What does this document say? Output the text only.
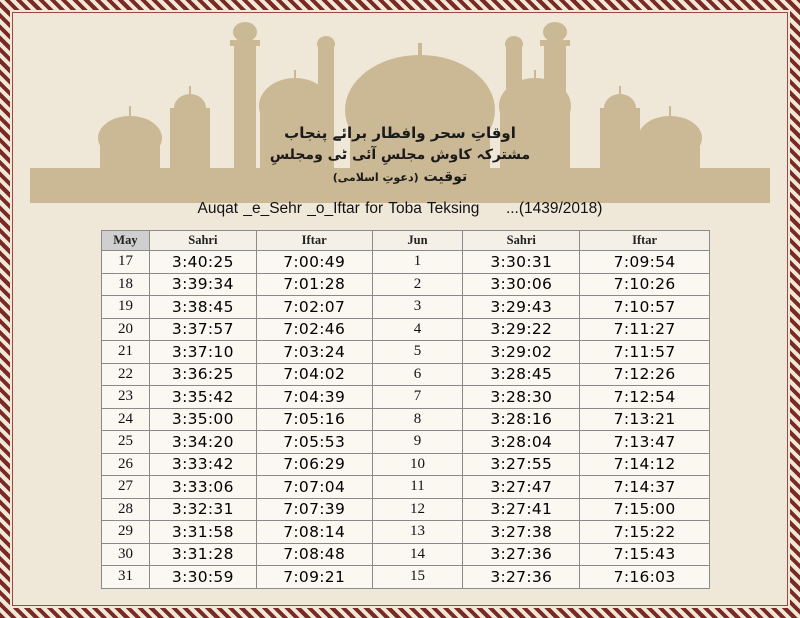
اوقاتِ سحر وافطار برائے پنجاب
مشترکہ کاوش مجلسِ آئی ٹی ومجلسِ توقیت (دعوتِ اسلامی)
Auqat _e_Sehr _o_Iftar for Toba Teksing     ...(1439/2018)
May	Sahri	Iftar	Jun	Sahri	Iftar
17	3:40:25	7:00:49	1	3:30:31	7:09:54
18	3:39:34	7:01:28	2	3:30:06	7:10:26
19	3:38:45	7:02:07	3	3:29:43	7:10:57
20	3:37:57	7:02:46	4	3:29:22	7:11:27
21	3:37:10	7:03:24	5	3:29:02	7:11:57
22	3:36:25	7:04:02	6	3:28:45	7:12:26
23	3:35:42	7:04:39	7	3:28:30	7:12:54
24	3:35:00	7:05:16	8	3:28:16	7:13:21
25	3:34:20	7:05:53	9	3:28:04	7:13:47
26	3:33:42	7:06:29	10	3:27:55	7:14:12
27	3:33:06	7:07:04	11	3:27:47	7:14:37
28	3:32:31	7:07:39	12	3:27:41	7:15:00
29	3:31:58	7:08:14	13	3:27:38	7:15:22
30	3:31:28	7:08:48	14	3:27:36	7:15:43
31	3:30:59	7:09:21	15	3:27:36	7:16:03
